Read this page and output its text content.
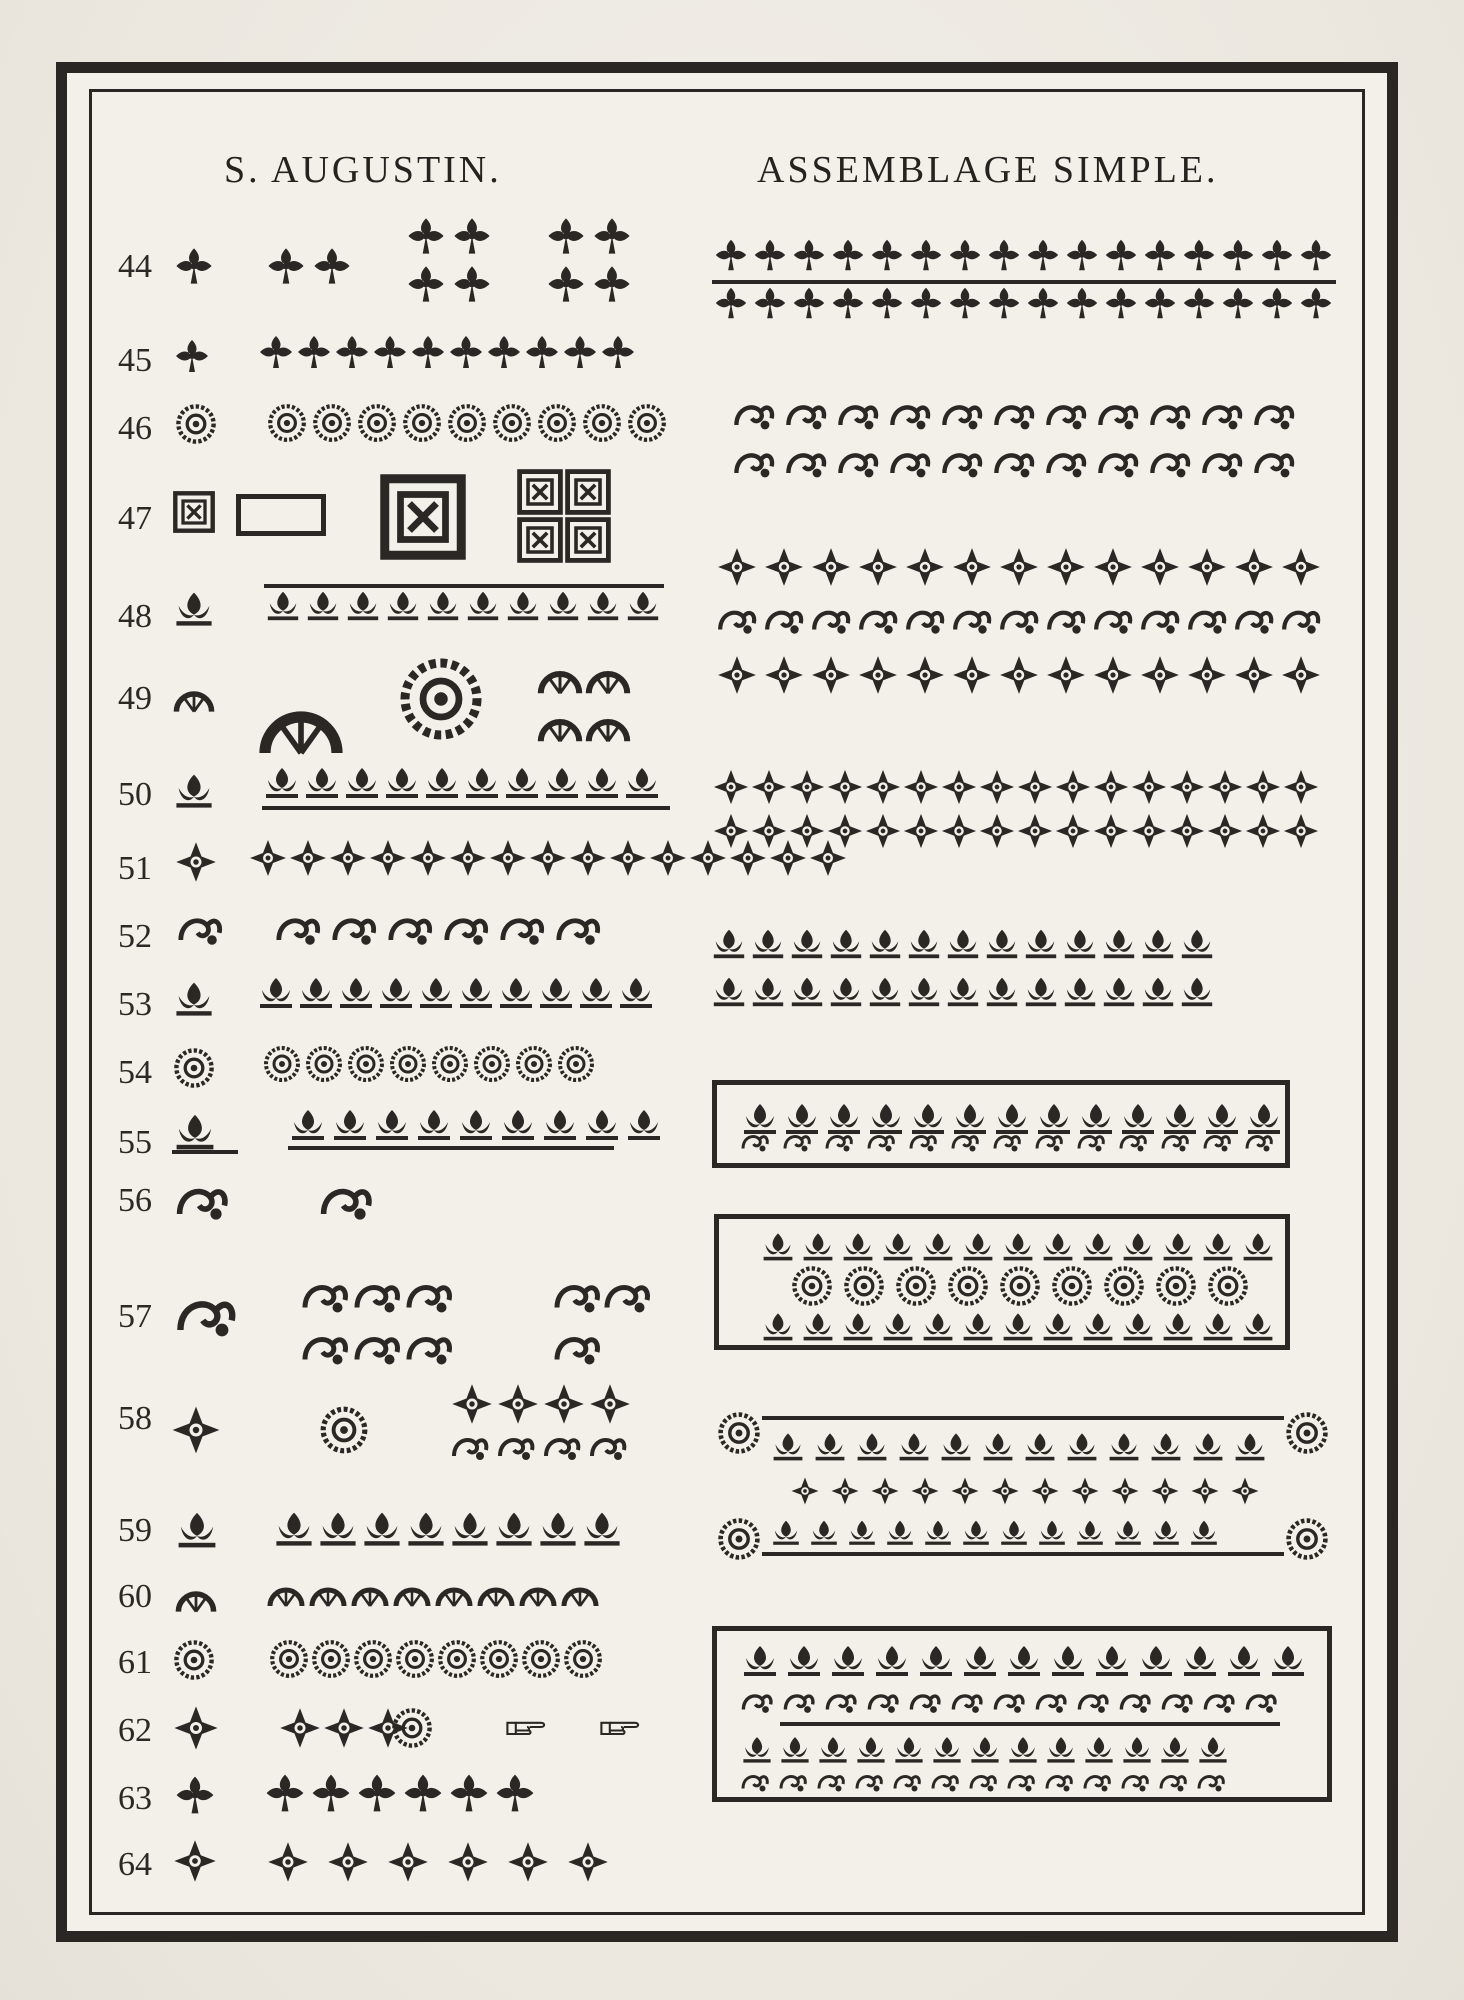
S. AUGUSTIN.	ASSEMBLAGE SIMPLE.
44
45
46
47
48
49
50
51
52
53
54
55
56
57
58
59
60
61
62
63
64
